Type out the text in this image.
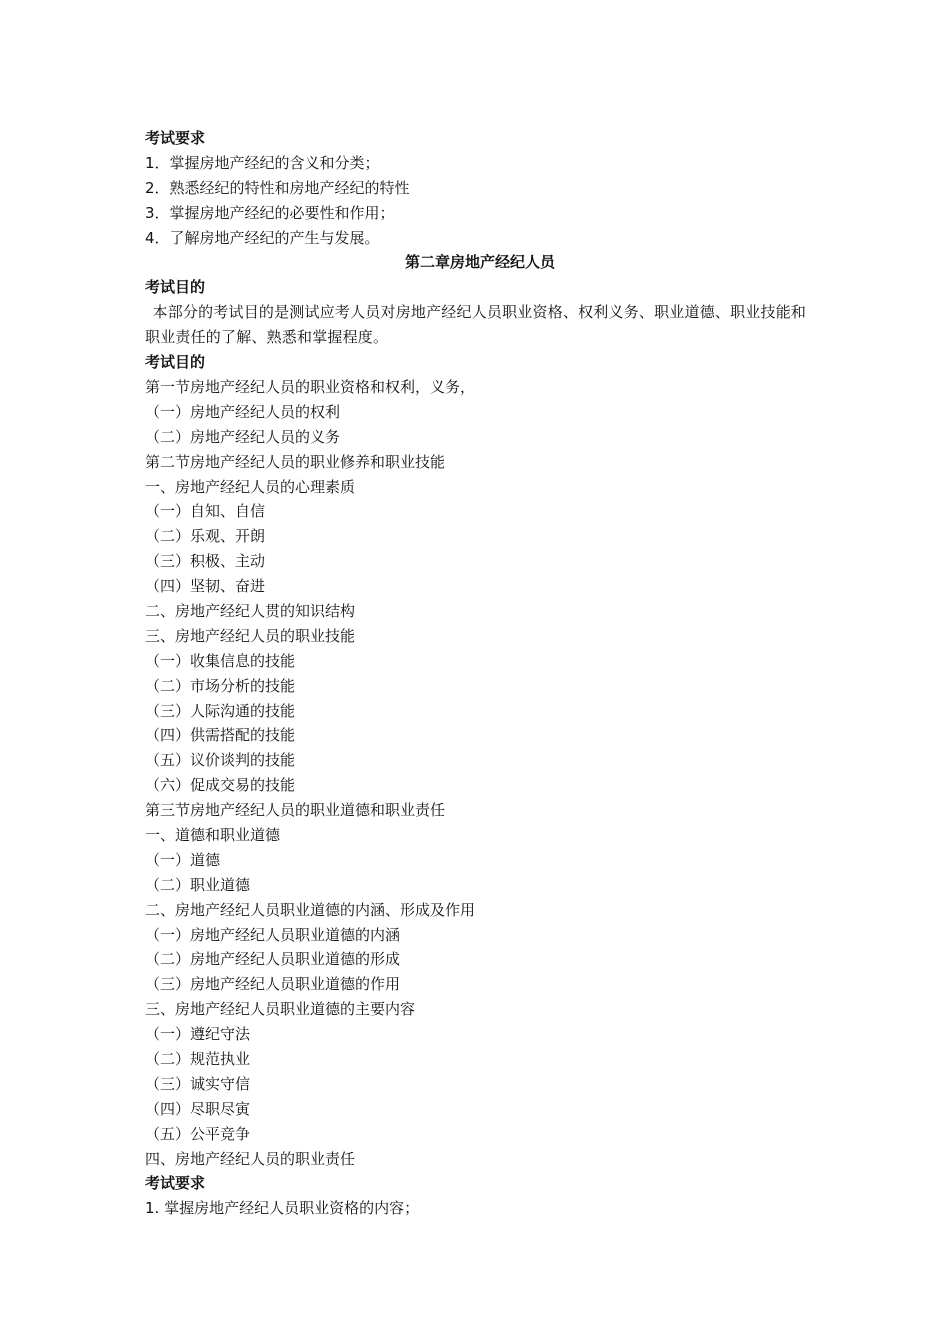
考试要求
1．掌握房地产经纪的含义和分类；
2．熟悉经纪的特性和房地产经纪的特性
3．掌握房地产经纪的必要性和作用；
4．了解房地产经纪的产生与发展。
第二章房地产经纪人员
考试目的
本部分的考试目的是测试应考人员对房地产经纪人员职业资格、权利义务、职业道德、职业技能和职业责任的了解、熟悉和掌握程度。
考试目的
第一节房地产经纪人员的职业资格和权利，义务，
（一）房地产经纪人员的权利
（二）房地产经纪人员的义务
第二节房地产经纪人员的职业修养和职业技能
一、房地产经纪人员的心理素质
（一）自知、自信
（二）乐观、开朗
（三）积极、主动
（四）坚韧、奋进
二、房地产经纪人贯的知识结构
三、房地产经纪人员的职业技能
（一）收集信息的技能
（二）市场分析的技能
（三）人际沟通的技能
（四）供需搭配的技能
（五）议价谈判的技能
（六）促成交易的技能
第三节房地产经纪人员的职业道德和职业责任
一、道德和职业道德
（一）道德
（二）职业道德
二、房地产经纪人员职业道德的内涵、形成及作用
（一）房地产经纪人员职业道德的内涵
（二）房地产经纪人员职业道德的形成
（三）房地产经纪人员职业道德的作用
三、房地产经纪人员职业道德的主要内容
（一）遵纪守法
（二）规范执业
（三）诚实守信
（四）尽职尽寅
（五）公平竞争
四、房地产经纪人员的职业责任
考试要求
1. 掌握房地产经纪人员职业资格的内容；
